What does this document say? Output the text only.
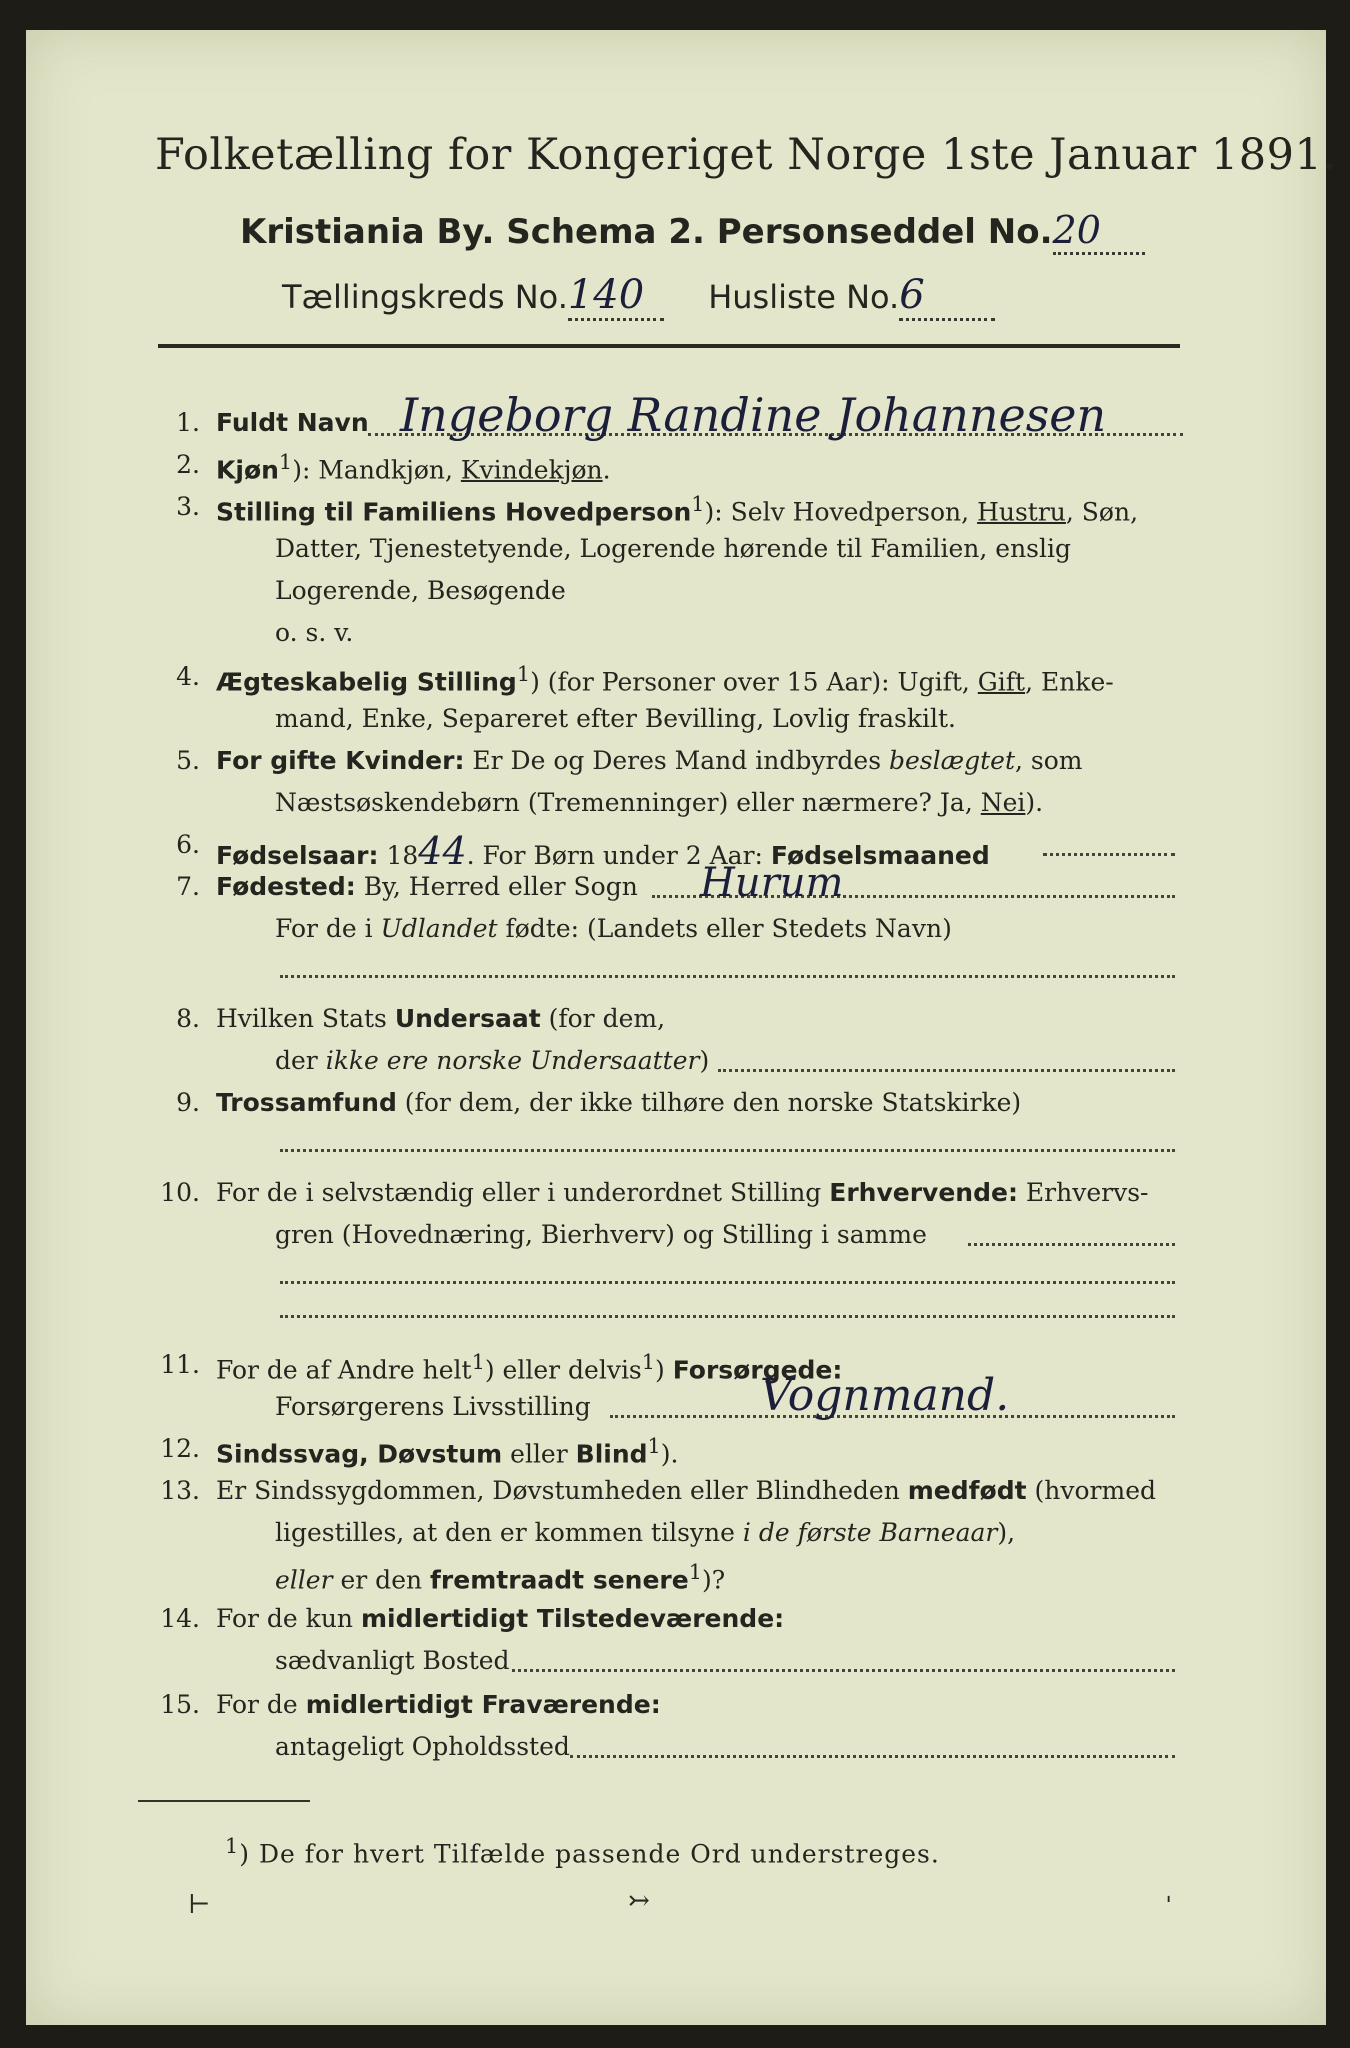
Folketælling for Kongeriget Norge 1ste Januar 1891.
Kristiania By. Schema 2. Personseddel No.20
Tællingskreds No.140 Husliste No.6
1. Fuldt Navn Ingeborg Randine Johannesen
2. Kjøn$^1$): Mandkjøn, Kvindekjøn.
3. Stilling til Familiens Hovedperson$^1$): Selv Hovedperson, Hustru, Søn,
Datter, Tjenestetyende, Logerende hørende til Familien, enslig
Logerende, Besøgende
o. s. v.
4. Ægteskabelig Stilling$^1$) (for Personer over 15 Aar): Ugift, Gift, Enke-
mand, Enke, Separeret efter Bevilling, Lovlig fraskilt.
5. For gifte Kvinder: Er De og Deres Mand indbyrdes beslægtet, som
Næstsøskendebørn (Tremenninger) eller nærmere? Ja, Nei).
6. Fødselsaar: 1844. For Børn under 2 Aar: Fødselsmaaned
7. Fødested: By, Herred eller Sogn Hurum
For de i Udlandet fødte: (Landets eller Stedets Navn)
8. Hvilken Stats Undersaat (for dem,
der ikke ere norske Undersaatter)
9. Trossamfund (for dem, der ikke tilhøre den norske Statskirke)
10. For de i selvstændig eller i underordnet Stilling Erhvervende: Erhvervs-
gren (Hovednæring, Bierhverv) og Stilling i samme
11. For de af Andre helt$^1$) eller delvis$^1$) Forsørgede:
Forsørgerens Livsstilling	Vognmand.
12. Sindssvag, Døvstum eller Blind$^1$).
13. Er Sindssygdommen, Døvstumheden eller Blindheden medfødt (hvormed
ligestilles, at den er kommen tilsyne i de første Barneaar),
eller er den fremtraadt senere$^1$)?
14. For de kun midlertidigt Tilstedeværende:
sædvanligt Bosted
15. For de midlertidigt Fraværende:
antageligt Opholdssted
$^1$) De for hvert Tilfælde passende Ord understreges.
⊢	↣	ˌ
